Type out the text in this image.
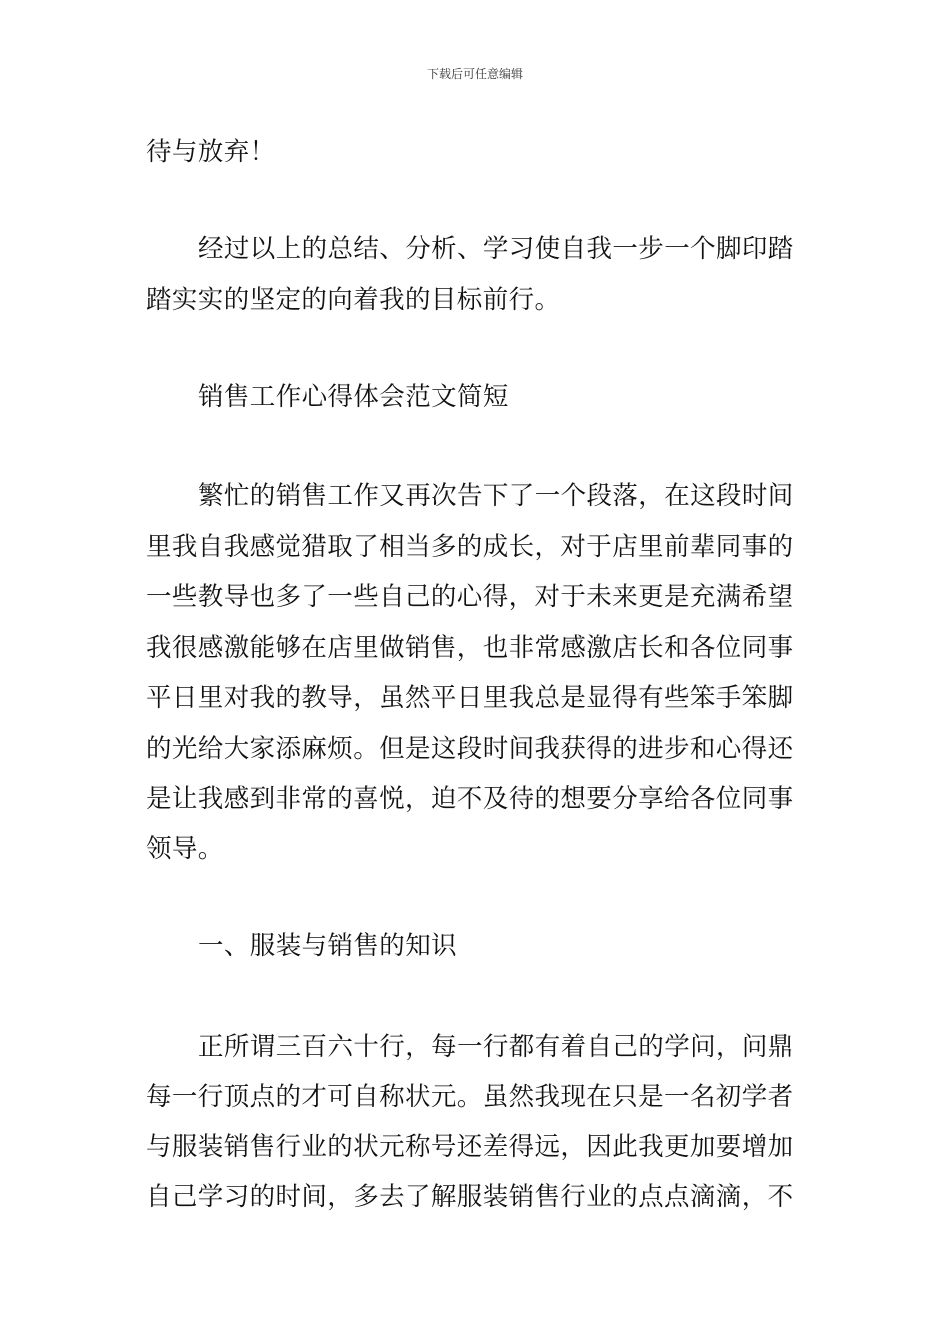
下载后可任意编辑
待与放弃！
经过以上的总结、分析、学习使自我一步一个脚印踏
踏实实的坚定的向着我的目标前行。
销售工作心得体会范文简短
繁忙的销售工作又再次告下了一个段落，在这段时间
里我自我感觉猎取了相当多的成长，对于店里前辈同事的
一些教导也多了一些自己的心得，对于未来更是充满希望
我很感激能够在店里做销售，也非常感激店长和各位同事
平日里对我的教导，虽然平日里我总是显得有些笨手笨脚
的光给大家添麻烦。但是这段时间我获得的进步和心得还
是让我感到非常的喜悦，迫不及待的想要分享给各位同事
领导。
一、服装与销售的知识
正所谓三百六十行，每一行都有着自己的学问，问鼎
每一行顶点的才可自称状元。虽然我现在只是一名初学者
与服装销售行业的状元称号还差得远，因此我更加要增加
自己学习的时间，多去了解服装销售行业的点点滴滴，不
